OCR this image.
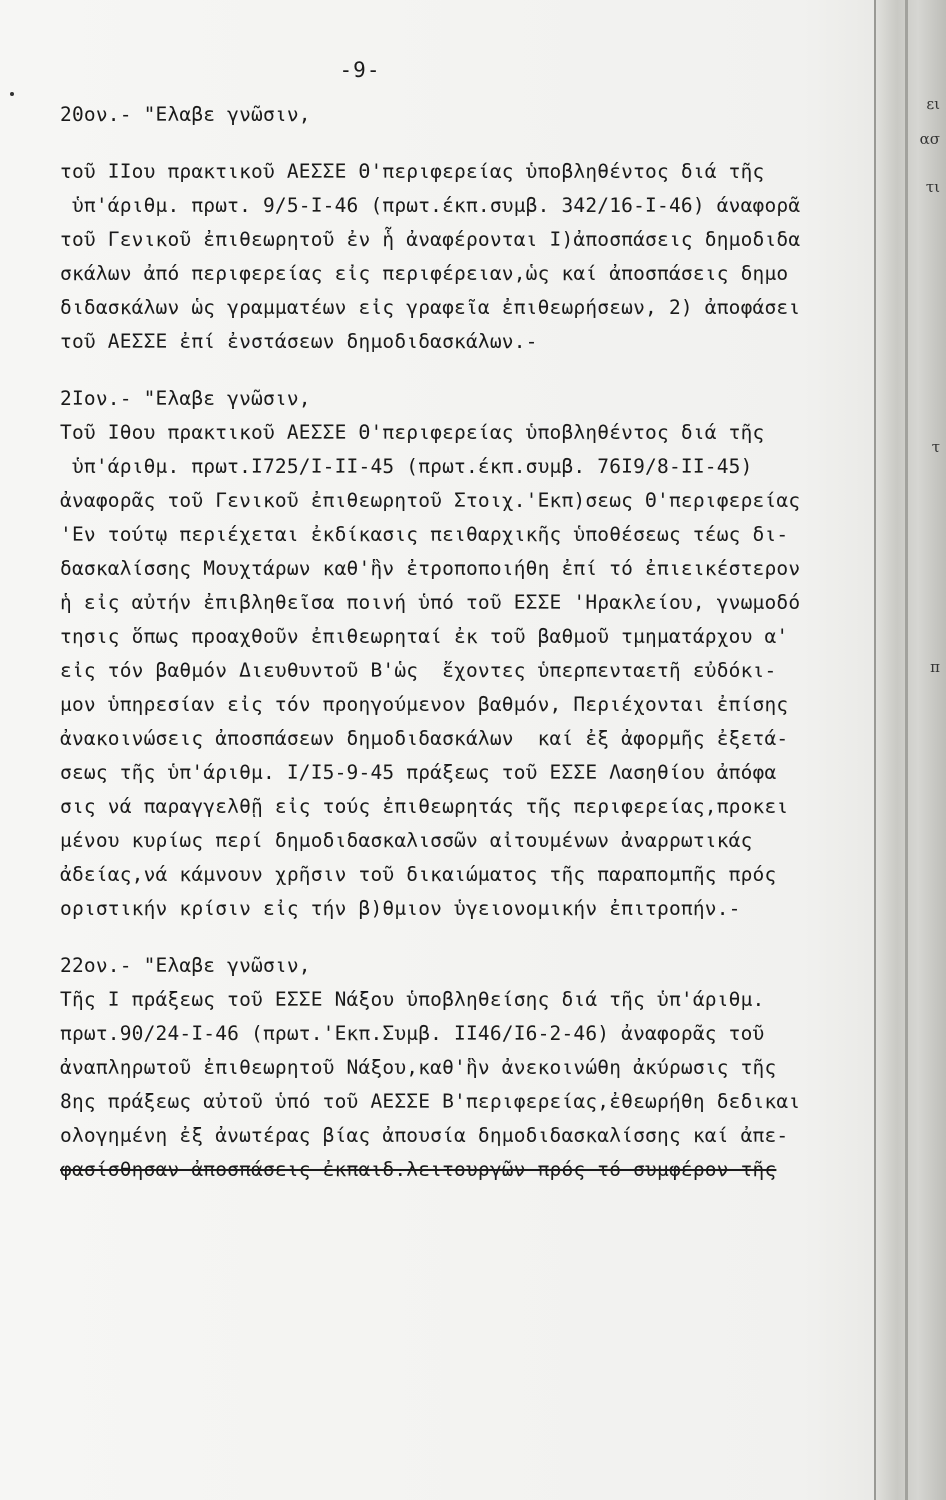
ει
ασ
τι
τ
π
-9-
20ον.- "Ελαβε γνῶσιν,
τοῦ ΙΙου πρακτικοῦ ΑΕΣΣΕ Θ'περιφερείας ὑποβληθέντος διά τῆς
ὑπ'άριθμ. πρωτ. 9/5-Ι-46 (πρωτ.έκπ.συμβ. 342/16-Ι-46) άναφορᾶ
τοῦ Γενικοῦ ἐπιθεωρητοῦ ἐν ἧ ἀναφέρονται Ι)ἀποσπάσεις δημοδιδα
σκάλων ἀπό περιφερείας εἰς περιφέρειαν,ὡς καί ἀποσπάσεις δημο
διδασκάλων ὡς γραμματέων εἰς γραφεῖα ἐπιθεωρήσεων, 2) ἀποφάσει
τοῦ ΑΕΣΣΕ ἐπί ἐνστάσεων δημοδιδασκάλων.-
2Ιον.- "Ελαβε γνῶσιν,
Τοῦ Ιθου πρακτικοῦ ΑΕΣΣΕ Θ'περιφερείας ὑποβληθέντος διά τῆς
ὑπ'άριθμ. πρωτ.Ι725/Ι-ΙΙ-45 (πρωτ.έκπ.συμβ. 76Ι9/8-ΙΙ-45)
ἀναφορᾶς τοῦ Γενικοῦ ἐπιθεωρητοῦ Στοιχ.'Εκπ)σεως Θ'περιφερείας
'Εν τούτῳ περιέχεται ἐκδίκασις πειθαρχικῆς ὑποθέσεως τέως δι-
δασκαλίσσης Μουχτάρων καθ'ἣν ἐτροποποιήθη ἐπί τό ἐπιεικέστερον
ἡ εἰς αὐτήν ἐπιβληθεῖσα ποινή ὑπό τοῦ ΕΣΣΕ 'Ηρακλείου, γνωμοδό
τησις ὅπως προαχθοῦν ἐπιθεωρηταί ἐκ τοῦ βαθμοῦ τμηματάρχου α'
εἰς τόν βαθμόν Διευθυντοῦ Β'ὡς  ἔχοντες ὑπερπενταετῆ εὐδόκι-
μον ὑπηρεσίαν εἰς τόν προηγούμενον βαθμόν, Περιέχονται ἐπίσης
ἀνακοινώσεις ἀποσπάσεων δημοδιδασκάλων  καί ἐξ ἀφορμῆς ἐξετά-
σεως τῆς ὑπ'άριθμ. Ι/Ι5-9-45 πράξεως τοῦ ΕΣΣΕ Λασηθίου ἀπόφα
σις νά παραγγελθῇ εἰς τούς ἐπιθεωρητάς τῆς περιφερείας,προκει
μένου κυρίως περί δημοδιδασκαλισσῶν αἰτουμένων ἀναρρωτικάς
ἀδείας,νά κάμνουν χρῆσιν τοῦ δικαιώματος τῆς παραπομπῆς πρός
οριστικήν κρίσιν εἰς τήν β)θμιον ὑγειονομικήν ἐπιτροπήν.-
22ον.- "Ελαβε γνῶσιν,
Τῆς Ι πράξεως τοῦ ΕΣΣΕ Νάξου ὑποβληθείσης διά τῆς ὑπ'άριθμ.
πρωτ.90/24-Ι-46 (πρωτ.'Εκπ.Συμβ. ΙΙ46/Ι6-2-46) ἀναφορᾶς τοῦ
ἀναπληρωτοῦ ἐπιθεωρητοῦ Νάξου,καθ'ἣν ἀνεκοινώθη ἀκύρωσις τῆς
8ης πράξεως αὐτοῦ ὑπό τοῦ ΑΕΣΣΕ Β'περιφερείας,ἐθεωρήθη δεδικαι
ολογημένη ἐξ ἀνωτέρας βίας ἀπουσία δημοδιδασκαλίσσης καί ἀπε-
φασίσθησαν ἀποσπάσεις ἐκπαιδ.λειτουργῶν πρός τό συμφέρον τῆς
